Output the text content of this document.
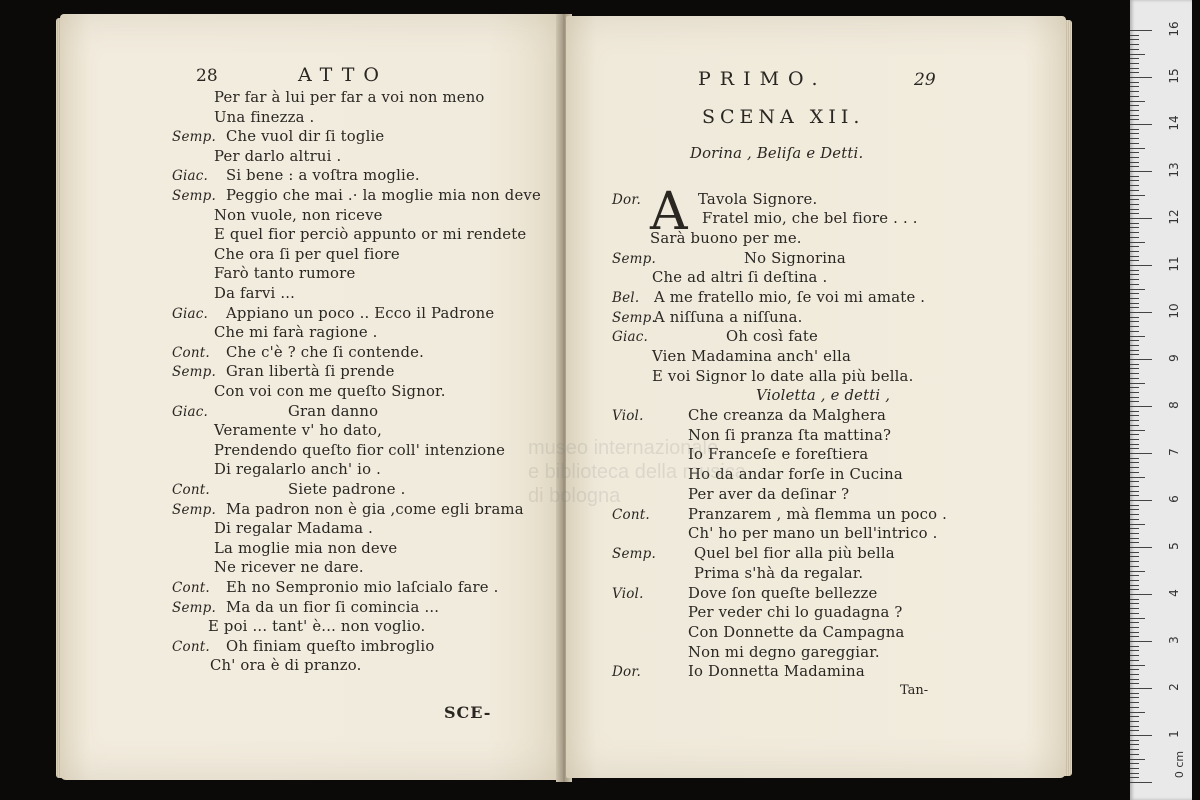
28	ATTO
Per far à lui per far a voi non meno
Una finezza .
Semp. Che vuol dir ſi toglie
Per darlo altrui .
Giac. Si bene : a voſtra moglie.
Semp. Peggio che mai .· la moglie mia non deve
Non vuole, non riceve
E quel fior perciò appunto or mi rendete
Che ora ſi per quel fiore
Farò tanto rumore
Da farvi ...
Giac. Appiano un poco .. Ecco il Padrone
Che mi farà ragione .
Cont. Che c'è ? che ſi contende.
Semp. Gran libertà ſi prende
Con voi con me queſto Signor.
Giac.	Gran danno
Veramente v' ho dato,
Prendendo queſto fior coll' intenzione
Di regalarlo anch' io .
Cont.	Siete padrone .
Semp. Ma padron non è gia ,come egli brama
Di regalar Madama .
La moglie mia non deve
Ne ricever ne dare.
Cont. Eh no Sempronio mio laſcialo fare .
Semp. Ma da un fior ſi comincia ...
E poi ... tant' è... non voglio.
Cont. Oh finiam queſto imbroglio
Ch' ora è di pranzo.
SCE-
PRIMO.	29
SCENA XII.
Dorina , Beliſa e Detti.
A
Dor.	Tavola Signore.
Fratel mio, che bel fiore . . .
Sarà buono per me.
Semp.	No Signorina
Che ad altri ſi deſtina .
Bel. A me fratello mio, ſe voi mi amate .
Semp.
A niſſuna a niſſuna.
Giac.	Oh così fate
Vien Madamina anch' ella
E voi Signor lo date alla più bella.
Violetta , e detti ,
Viol.	Che creanza da Malghera
Non ſi pranza ſta mattina?
Io Franceſe e foreſtiera
Ho da andar forſe in Cucina
Per aver da deſinar ?
Cont.	Pranzarem , mà flemma un poco .
Ch' ho per mano un bell'intrico .
Semp.	Quel bel fior alla più bella
Prima s'hà da regalar.
Viol.	Dove ſon queſte bellezze
Per veder chi lo guadagna ?
Con Donnette da Campagna
Non mi degno gareggiar.
Dor.	Io Donnetta Madamina
Tan-
museo internazionale
e biblioteca della musica
di bologna
16
15
14
13
12
11
10
9
8
7
6
5
4
3
2
1
0 cm
